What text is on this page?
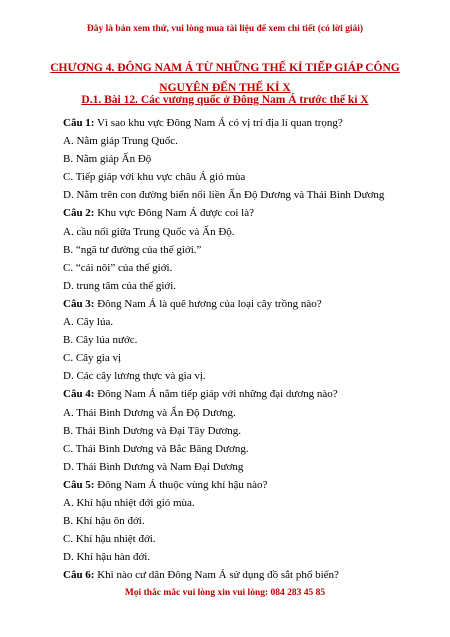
Đây là bản xem thử, vui lòng mua tài liệu để xem chi tiết (có lời giải)
CHƯƠNG 4. ĐÔNG NAM Á TỪ NHỮNG THẾ KỈ TIẾP GIÁP CÔNG
NGUYÊN ĐẾN THẾ KỈ X
D.1. Bài 12. Các vương quốc ở Đông Nam Á trước thế kỉ X
Câu 1: Vì sao khu vực Đông Nam Á có vị trí địa lí quan trọng?
A. Nằm giáp Trung Quốc.
B. Nằm giáp Ấn Độ
C. Tiếp giáp với khu vực châu Á gió mùa
D. Nằm trên con đường biển nối liền Ấn Độ Dương và Thái Bình Dương
Câu 2: Khu vực Đông Nam Á được coi là?
A. cầu nối giữa Trung Quốc và Ấn Độ.
B. “ngã tư đường của thế giới.”
C. “cái nôi” của thế giới.
D. trung tâm của thế giới.
Câu 3: Đông Nam Á là quê hương của loại cây trồng nào?
A. Cây lúa.
B. Cây lúa nước.
C. Cây gia vị
D. Các cây lương thực và gia vị.
Câu 4: Đông Nam Á nằm tiếp giáp với những đại dương nào?
A. Thái Bình Dương và Ấn Độ Dương.
B. Thái Bình Dương và Đại Tây Dương.
C. Thái Bình Dương và Bắc Băng Dương.
D. Thái Bình Dương và Nam Đại Dương
Câu 5: Đông Nam Á thuộc vùng khí hậu nào?
A. Khí hậu nhiệt đới gió mùa.
B. Khí hậu ôn đới.
C. Khí hậu nhiệt đới.
D. Khí hậu hàn đới.
Câu 6: Khi nào cư dân Đông Nam Á sử dụng đồ sắt phổ biến?
Mọi thắc mắc vui lòng xin vui lòng: 084 283 45 85
